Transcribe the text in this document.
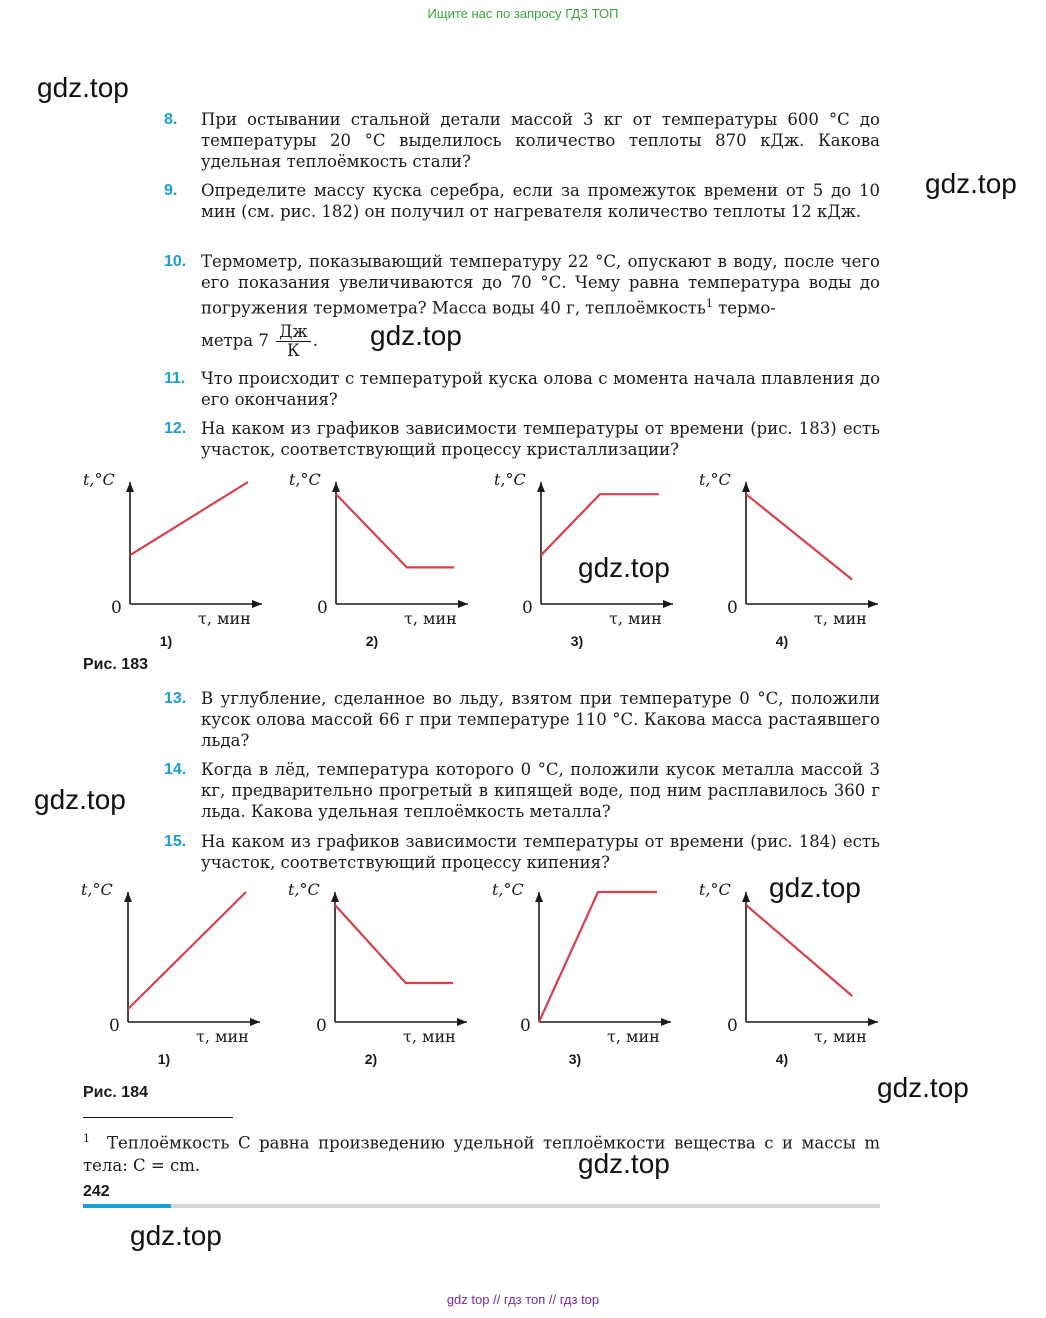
Ищите нас по запросу ГДЗ ТОП
gdz.top
gdz.top
gdz.top
gdz.top
gdz.top
gdz.top
gdz.top
gdz.top
gdz.top
8.	При остывании стальной детали массой 3 кг от температуры 600 °С до температуры 20 °С выделилось количество теплоты 870 кДж. Какова удельная теплоёмкость стали?
9.	Определите массу куска серебра, если за промежуток времени от 5 до 10 мин (см. рис. 182) он получил от нагревателя количество теплоты 12 кДж.
10. Термометр, показывающий температуру 22 °С, опускают в воду, после чего его показания увеличиваются до 70 °С. Чему равна температура воды до погружения термометра? Масса воды 40 г, теплоёмкость$^1$ термо-
метра $7 \frac{Дж}{К}$ .
11. Что происходит с температурой куска олова с момента начала плавления до его окончания?
12. На каком из графиков зависимости температуры от времени (рис. 183) есть участок, соответствующий процессу кристаллизации?
t,°C
0
τ, мин
1)
t,°C
0
τ, мин
2)
t,°C
0
τ, мин
3)
t,°C
0
τ, мин
4)
Рис. 183
13. В углубление, сделанное во льду, взятом при температуре 0 °С, положили кусок олова массой 66 г при температуре 110 °С. Какова масса растаявшего льда?
14. Когда в лёд, температура которого 0 °С, положили кусок металла массой 3 кг, предварительно прогретый в кипящей воде, под ним расплавилось 360 г льда. Какова удельная теплоёмкость металла?
15. На каком из графиков зависимости температуры от времени (рис. 184) есть участок, соответствующий процессу кипения?
t,°C
0
τ, мин
1)
t,°C
0
τ, мин
2)
t,°C
0
τ, мин
3)
t,°C
0
τ, мин
4)
Рис. 184
$^1$ Теплоёмкость C равна произведению удельной теплоёмкости вещества c и массы m тела: C = cm.
242
gdz top // гдз топ // гдз top
